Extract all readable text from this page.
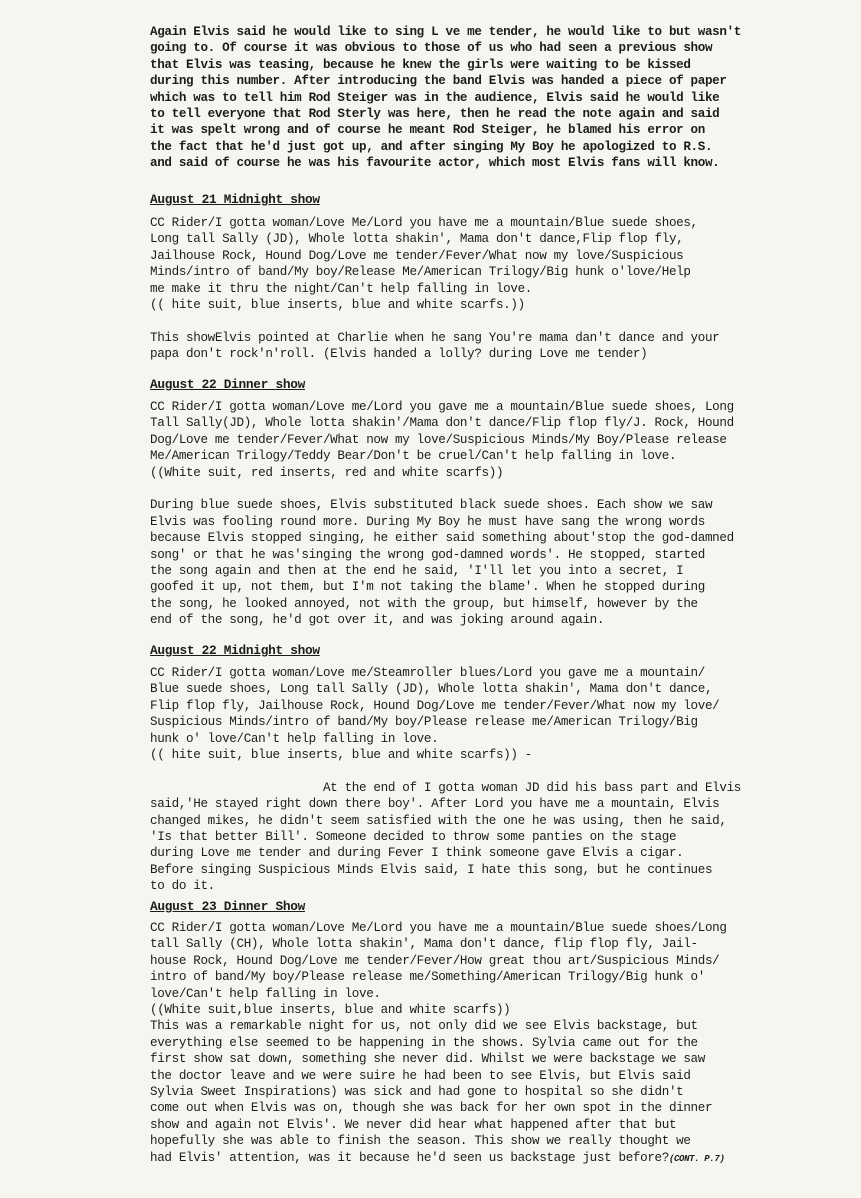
Again Elvis said he would like to sing L ve me tender, he would like to but wasn't
going to. Of course it was obvious to those of us who had seen a previous show
that Elvis was teasing, because he knew the girls were waiting to be kissed
during this number. After introducing the band Elvis was handed a piece of paper
which was to tell him Rod Steiger was in the audience, Elvis said he would like
to tell everyone that Rod Sterly was here, then he read the note again and said
it was spelt wrong and of course he meant Rod Steiger, he blamed his error on
the fact that he'd just got up, and after singing My Boy he apologized to R.S.
and said of course he was his favourite actor, which most Elvis fans will know.
August 21 Midnight show
CC Rider/I gotta woman/Love Me/Lord you have me a mountain/Blue suede shoes,
Long tall Sally (JD), Whole lotta shakin', Mama don't dance,Flip flop fly,
Jailhouse Rock, Hound Dog/Love me tender/Fever/What now my love/Suspicious
Minds/intro of band/My boy/Release Me/American Trilogy/Big hunk o'love/Help
me make it thru the night/Can't help falling in love.
(( hite suit, blue inserts, blue and white scarfs.))

This showElvis pointed at Charlie when he sang You're mama dan't dance and your
papa don't rock'n'roll. (Elvis handed a lolly? during Love me tender)
August 22 Dinner show
CC Rider/I gotta woman/Love me/Lord you gave me a mountain/Blue suede shoes, Long
Tall Sally(JD), Whole lotta shakin'/Mama don't dance/Flip flop fly/J. Rock, Hound
Dog/Love me tender/Fever/What now my love/Suspicious Minds/My Boy/Please release
Me/American Trilogy/Teddy Bear/Don't be cruel/Can't help falling in love.
((White suit, red inserts, red and white scarfs))

During blue suede shoes, Elvis substituted black suede shoes. Each show we saw
Elvis was fooling round more. During My Boy he must have sang the wrong words
because Elvis stopped singing, he either said something about'stop the god-damned
song' or that he was'singing the wrong god-damned words'. He stopped, started
the song again and then at the end he said, 'I'll let you into a secret, I
goofed it up, not them, but I'm not taking the blame'. When he stopped during
the song, he looked annoyed, not with the group, but himself, however by the
end of the song, he'd got over it, and was joking around again.
August 22 Midnight show
CC Rider/I gotta woman/Love me/Steamroller blues/Lord you gave me a mountain/
Blue suede shoes, Long tall Sally (JD), Whole lotta shakin', Mama don't dance,
Flip flop fly, Jailhouse Rock, Hound Dog/Love me tender/Fever/What now my love/
Suspicious Minds/intro of band/My boy/Please release me/American Trilogy/Big
hunk o' love/Can't help falling in love.
(( hite suit, blue inserts, blue and white scarfs)) -

At the end of I gotta woman JD did his bass part and Elvis
said,'He stayed right down there boy'. After Lord you have me a mountain, Elvis
changed mikes, he didn't seem satisfied with the one he was using, then he said,
'Is that better Bill'. Someone decided to throw some panties on the stage
during Love me tender and during Fever I think someone gave Elvis a cigar.
Before singing Suspicious Minds Elvis said, I hate this song, but he continues
to do it.
August 23 Dinner Show
CC Rider/I gotta woman/Love Me/Lord you have me a mountain/Blue suede shoes/Long
tall Sally (CH), Whole lotta shakin', Mama don't dance, flip flop fly, Jail-
house Rock, Hound Dog/Love me tender/Fever/How great thou art/Suspicious Minds/
intro of band/My boy/Please release me/Something/American Trilogy/Big hunk o'
love/Can't help falling in love.
((White suit,blue inserts, blue and white scarfs))
This was a remarkable night for us, not only did we see Elvis backstage, but
everything else seemed to be happening in the shows. Sylvia came out for the
first show sat down, something she never did. Whilst we were backstage we saw
the doctor leave and we were suire he had been to see Elvis, but Elvis said
Sylvia Sweet Inspirations) was sick and had gone to hospital so she didn't
come out when Elvis was on, though she was back for her own spot in the dinner
show and again not Elvis'. We never did hear what happened after that but
hopefully she was able to finish the season. This show we really thought we
had Elvis' attention, was it because he'd seen us backstage just before?(CONT. P.7)
